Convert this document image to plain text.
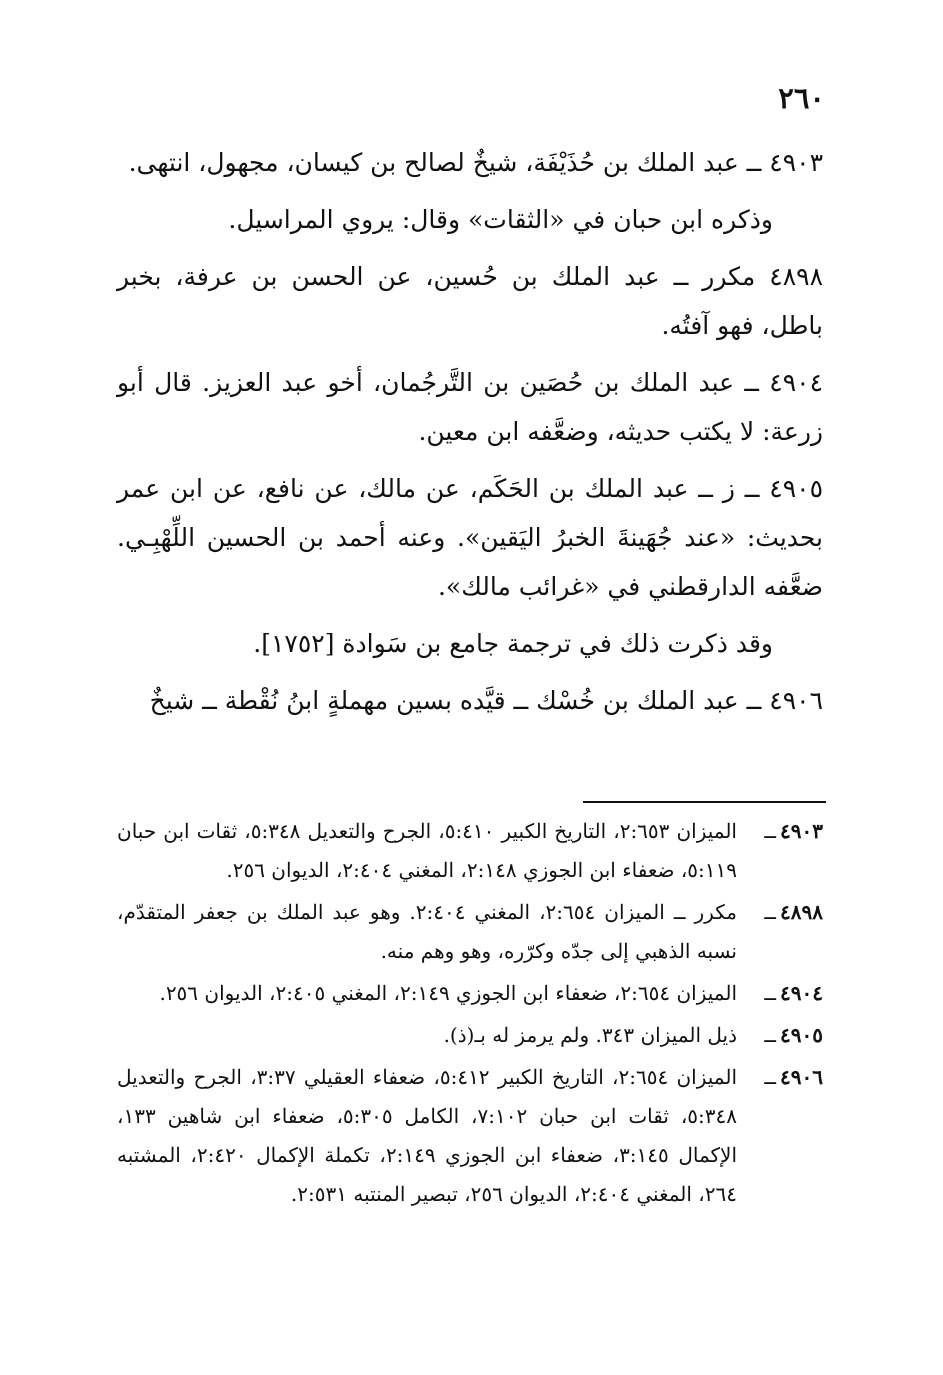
٢٦٠

٤٩٠٣ ــ عبد الملك بن حُذَيْفَة، شيخٌ لصالح بن كيسان، مجهول، انتهى.

وذكره ابن حبان في «الثقات» وقال: يروي المراسيل.

٤٨٩٨ مكرر ــ عبد الملك بن حُسين، عن الحسن بن عرفة، بخبر باطل، فهو آفتُه.

٤٩٠٤ ــ عبد الملك بن حُصَين بن التَّرجُمان، أخو عبد العزيز. قال أبو زرعة: لا يكتب حديثه، وضعَّفه ابن معين.

٤٩٠٥ ــ ز ــ عبد الملك بن الحَكَم، عن مالك، عن نافع، عن ابن عمر بحديث: «عند جُهَينةَ الخبرُ اليَقين». وعنه أحمد بن الحسين اللِّهْبِـي. ضعَّفه الدارقطني في «غرائب مالك».

وقد ذكرت ذلك في ترجمة جامع بن سَوادة [١٧٥٢].

٤٩٠٦ ــ عبد الملك بن خُسْك ــ قيَّده بسين مهملةٍ ابنُ نُقْطة ــ شيخٌ

٤٩٠٣ــ
الميزان ٢:٦٥٣، التاريخ الكبير ٥:٤١٠، الجرح والتعديل ٥:٣٤٨، ثقات ابن حبان ٥:١١٩، ضعفاء ابن الجوزي ٢:١٤٨، المغني ٢:٤٠٤، الديوان ٢٥٦.
٤٨٩٨ــ
مكرر ــ الميزان ٢:٦٥٤، المغني ٢:٤٠٤. وهو عبد الملك بن جعفر المتقدّم، نسبه الذهبي إلى جدّه وكرّره، وهو وهم منه.
٤٩٠٤ــ
الميزان ٢:٦٥٤، ضعفاء ابن الجوزي ٢:١٤٩، المغني ٢:٤٠٥، الديوان ٢٥٦.
٤٩٠٥ــ
ذيل الميزان ٣٤٣. ولم يرمز له بـ(ذ).
٤٩٠٦ــ
الميزان ٢:٦٥٤، التاريخ الكبير ٥:٤١٢، ضعفاء العقيلي ٣:٣٧، الجرح والتعديل ٥:٣٤٨، ثقات ابن حبان ٧:١٠٢، الكامل ٥:٣٠٥، ضعفاء ابن شاهين ١٣٣، الإكمال ٣:١٤٥، ضعفاء ابن الجوزي ٢:١٤٩، تكملة الإكمال ٢:٤٢٠، المشتبه ٢٦٤، المغني ٢:٤٠٤، الديوان ٢٥٦، تبصير المنتبه ٢:٥٣١.
